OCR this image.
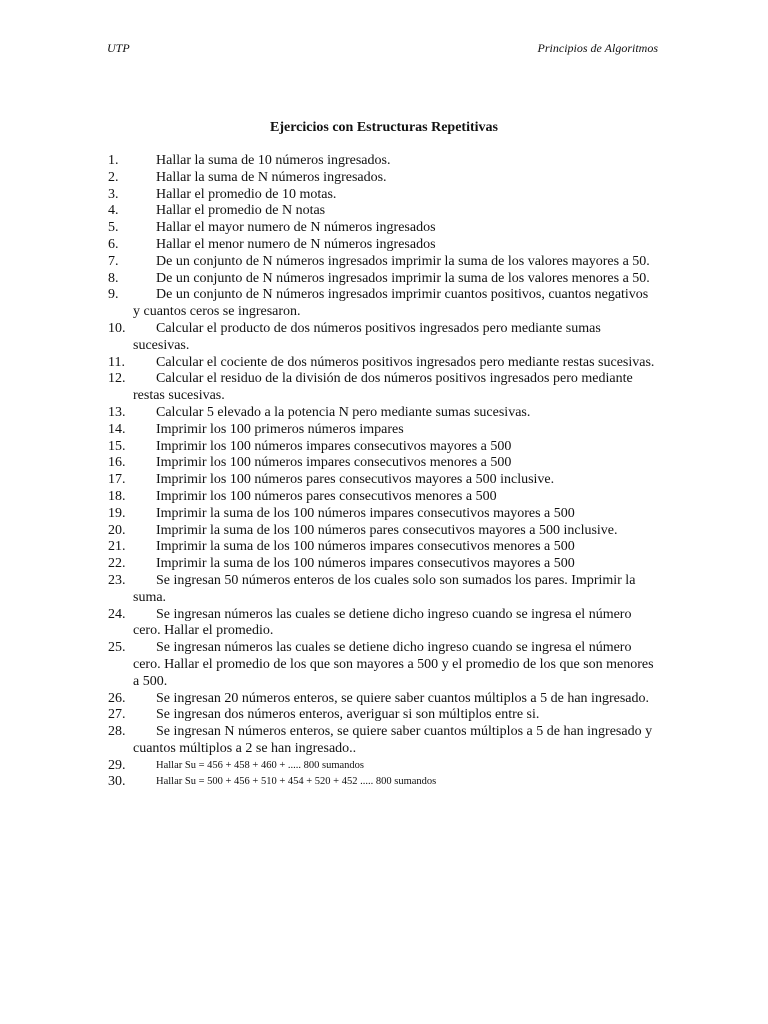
UTP	Principios de Algoritmos
Ejercicios con Estructuras Repetitivas
1.	Hallar la suma de 10 números ingresados.
2.	Hallar la suma de N números ingresados.
3.	Hallar el promedio de 10 motas.
4.	Hallar el promedio de N notas
5.	Hallar el mayor numero de N números ingresados
6.	Hallar el menor numero de N números ingresados
7.	De un conjunto de N números ingresados imprimir la suma de los valores mayores a 50.
8.	De un conjunto de N números ingresados imprimir la suma de los valores menores a 50.
9.	De un conjunto de N números ingresados imprimir cuantos positivos, cuantos negativos y cuantos ceros se ingresaron.
10.	Calcular el producto de dos números positivos ingresados pero mediante sumas sucesivas.
11.	Calcular el cociente de dos números positivos ingresados pero mediante restas sucesivas.
12.	Calcular el residuo de la división de dos números positivos ingresados pero mediante restas sucesivas.
13.	Calcular 5 elevado a la potencia N pero mediante sumas sucesivas.
14.	Imprimir los 100 primeros números impares
15.	Imprimir los 100 números impares consecutivos mayores a 500
16.	Imprimir los 100 números impares consecutivos menores a 500
17.	Imprimir los 100 números pares consecutivos mayores a 500 inclusive.
18.	Imprimir los 100 números pares consecutivos menores a 500
19.	Imprimir la suma de los 100 números impares consecutivos mayores a 500
20.	Imprimir la suma de los 100 números pares consecutivos mayores a 500 inclusive.
21.	Imprimir la suma de los 100 números impares consecutivos menores a 500
22.	Imprimir la suma de los 100 números impares consecutivos mayores a 500
23.	Se ingresan 50 números enteros de los cuales solo son sumados los pares. Imprimir la suma.
24.	Se ingresan números las cuales se detiene dicho ingreso cuando se ingresa el número cero. Hallar el promedio.
25.	Se ingresan números las cuales se detiene dicho ingreso cuando se ingresa el número cero. Hallar el promedio de los que son mayores a 500 y el promedio de los que son menores a 500.
26.	Se ingresan 20 números enteros, se quiere saber cuantos múltiplos a 5 de han ingresado.
27.	Se ingresan dos números enteros, averiguar si son múltiplos entre si.
28.	Se ingresan N números enteros, se quiere saber cuantos múltiplos a 5 de han ingresado y cuantos múltiplos a 2 se han ingresado..
29.	Hallar Su = 456 + 458 + 460 + ..... 800 sumandos
30.	Hallar Su = 500 + 456 + 510 + 454 + 520 + 452 ..... 800 sumandos
